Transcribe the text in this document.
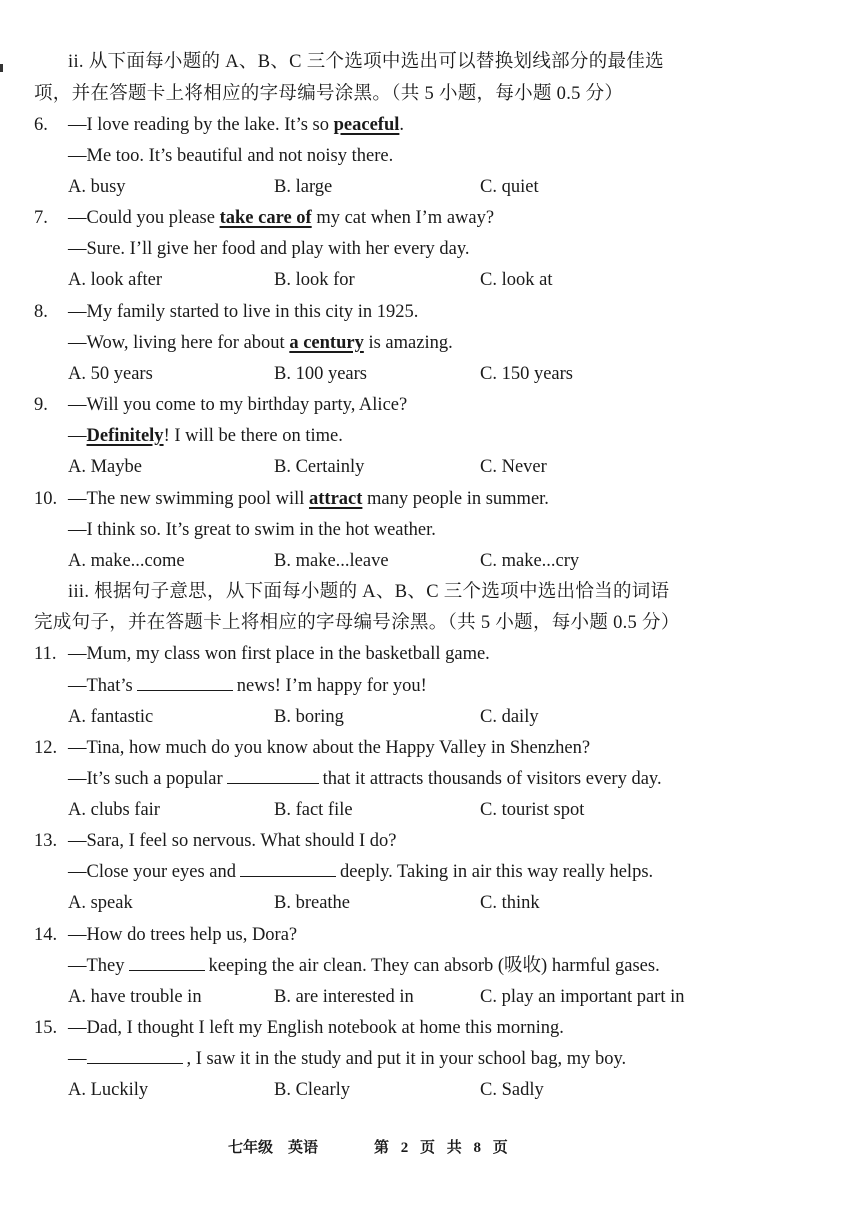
ii. 从下面每小题的 A、B、C 三个选项中选出可以替换划线部分的最佳选
项，并在答题卡上将相应的字母编号涂黑。（共 5 小题，每小题 0.5 分）
6. —I love reading by the lake. It’s so peaceful.
—Me too. It’s beautiful and not noisy there.
A. busy	B. large	C. quiet
7. —Could you please take care of my cat when I’m away?
—Sure. I’ll give her food and play with her every day.
A. look after	B. look for	C. look at
8. —My family started to live in this city in 1925.
—Wow, living here for about a century is amazing.
A. 50 years	B. 100 years	C. 150 years
9. —Will you come to my birthday party, Alice?
—Definitely! I will be there on time.
A. Maybe	B. Certainly	C. Never
10. —The new swimming pool will attract many people in summer.
—I think so. It’s great to swim in the hot weather.
A. make...come	B. make...leave	C. make...cry
iii. 根据句子意思，从下面每小题的 A、B、C 三个选项中选出恰当的词语
完成句子，并在答题卡上将相应的字母编号涂黑。（共 5 小题，每小题 0.5 分）
11. —Mum, my class won first place in the basketball game.
—That’s	news! I’m happy for you!
A. fantastic	B. boring	C. daily
12. —Tina, how much do you know about the Happy Valley in Shenzhen?
—It’s such a popular	that it attracts thousands of visitors every day.
A. clubs fair	B. fact file	C. tourist spot
13. —Sara, I feel so nervous. What should I do?
—Close your eyes and	deeply. Taking in air this way really helps.
A. speak	B. breathe	C. think
14. —How do trees help us, Dora?
—They	keeping the air clean. They can absorb (吸收) harmful gases.
A. have trouble in	B. are interested in	C. play an important part in
15. —Dad, I thought I left my English notebook at home this morning.
—	, I saw it in the study and put it in your school bag, my boy.
A. Luckily	B. Clearly	C. Sadly
七年级　英语	第 2 页 共 8 页
